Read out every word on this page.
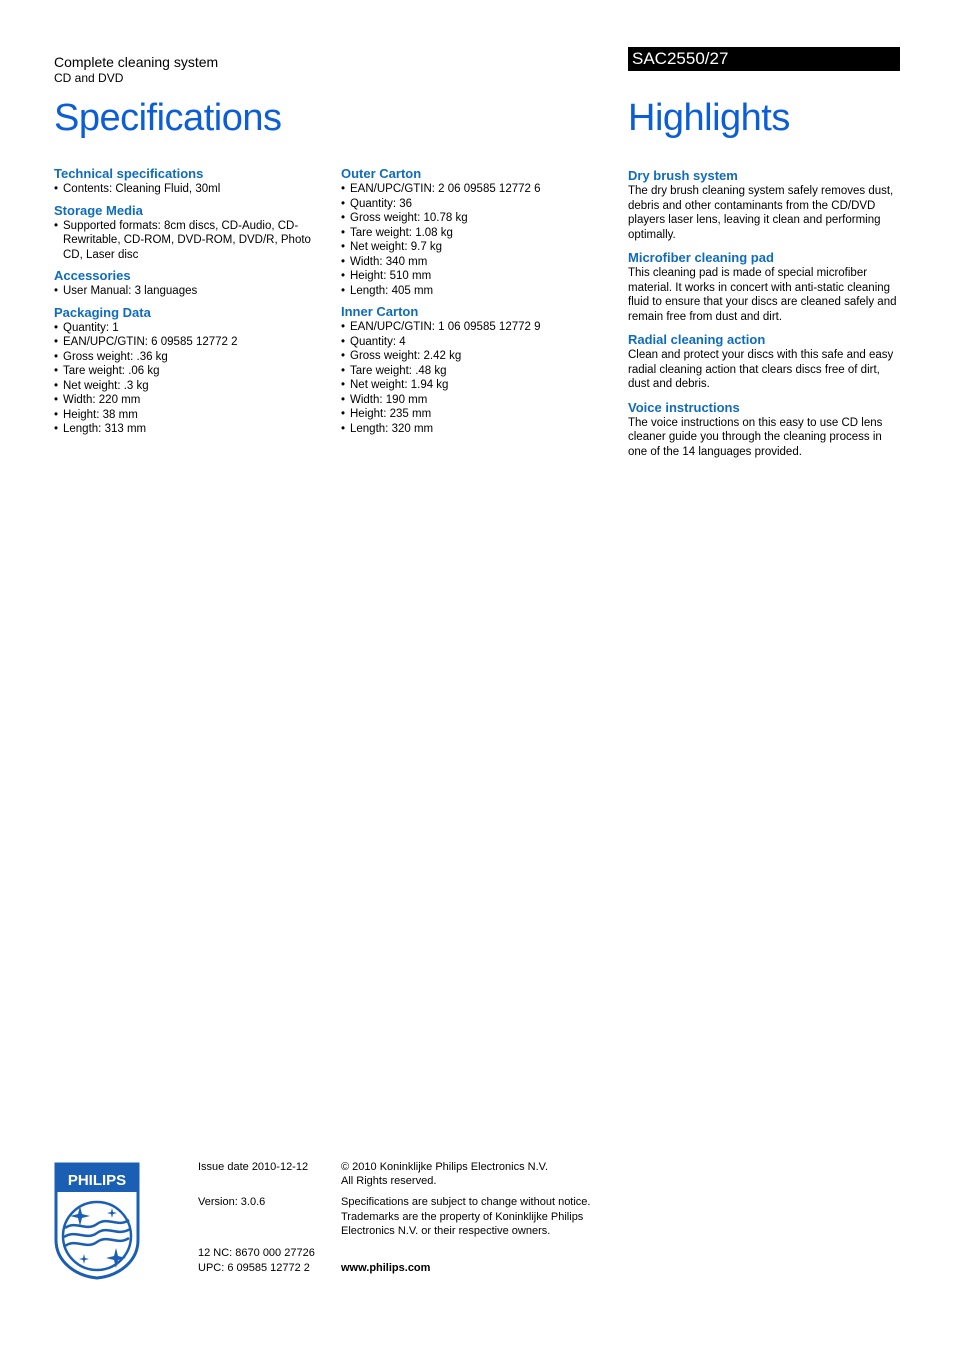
Complete cleaning system
CD and DVD
Specifications
SAC2550/27
Highlights
Technical specifications
• Contents: Cleaning Fluid, 30ml
Storage Media
• Supported formats: 8cm discs, CD-Audio, CD-Rewritable, CD-ROM, DVD-ROM, DVD/R, Photo CD, Laser disc
Accessories
• User Manual: 3 languages
Packaging Data
• Quantity: 1
• EAN/UPC/GTIN: 6 09585 12772 2
• Gross weight: .36 kg
• Tare weight: .06 kg
• Net weight: .3 kg
• Width: 220 mm
• Height: 38 mm
• Length: 313 mm
Outer Carton
• EAN/UPC/GTIN: 2 06 09585 12772 6
• Quantity: 36
• Gross weight: 10.78 kg
• Tare weight: 1.08 kg
• Net weight: 9.7 kg
• Width: 340 mm
• Height: 510 mm
• Length: 405 mm
Inner Carton
• EAN/UPC/GTIN: 1 06 09585 12772 9
• Quantity: 4
• Gross weight: 2.42 kg
• Tare weight: .48 kg
• Net weight: 1.94 kg
• Width: 190 mm
• Height: 235 mm
• Length: 320 mm
Dry brush system

The dry brush cleaning system safely removes dust, debris and other contaminants from the CD/DVD players laser lens, leaving it clean and performing optimally.

Microfiber cleaning pad

This cleaning pad is made of special microfiber material. It works in concert with anti-static cleaning fluid to ensure that your discs are cleaned safely and remain free from dust and dirt.

Radial cleaning action

Clean and protect your discs with this safe and easy radial cleaning action that clears discs free of dirt, dust and debris.

Voice instructions

The voice instructions on this easy to use CD lens cleaner guide you through the cleaning process in one of the 14 languages provided.

PHILIPS
Issue date 2010-12-12
Version: 3.0.6
12 NC: 8670 000 27726
UPC: 6 09585 12772 2
© 2010 Koninklijke Philips Electronics N.V.
All Rights reserved.
Specifications are subject to change without notice. Trademarks are the property of Koninklijke Philips Electronics N.V. or their respective owners.
www.philips.com
